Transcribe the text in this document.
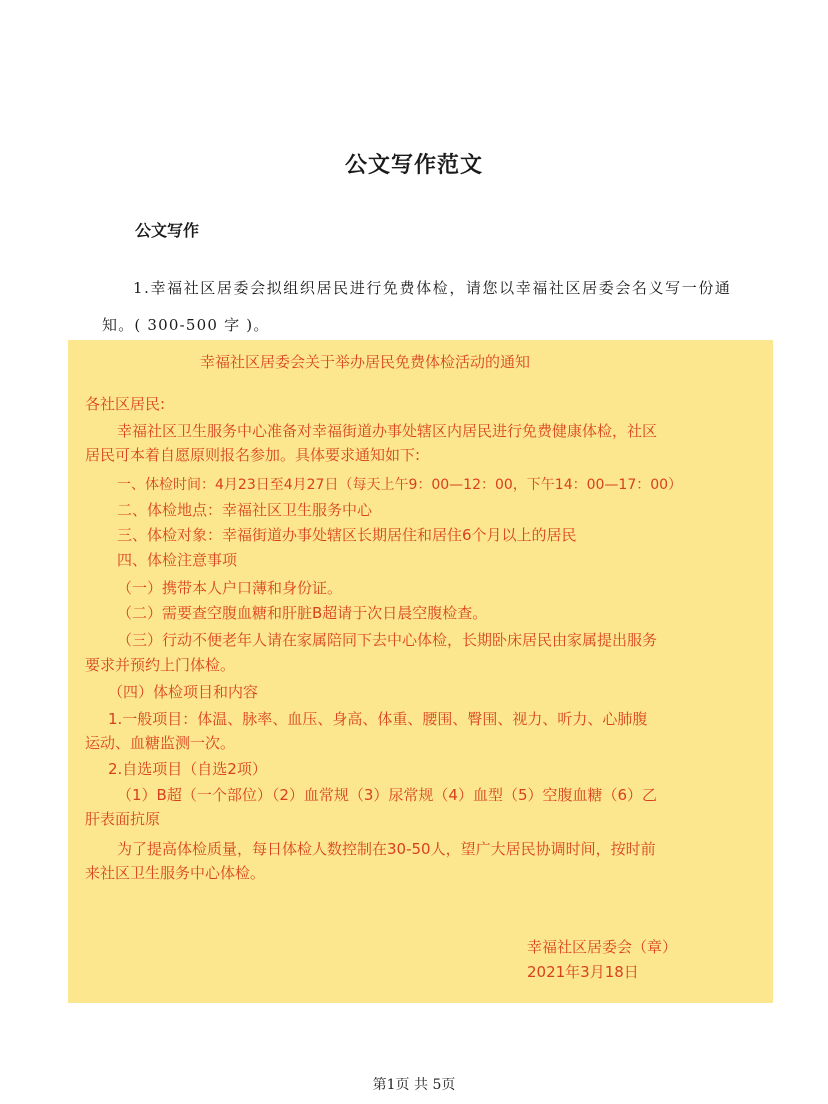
公文写作范文
公文写作
1.幸福社区居委会拟组织居民进行免费体检，请您以幸福社区居委会名义写一份通
知。( 300-500 字 )。
幸福社区居委会关于举办居民免费体检活动的通知
各社区居民:
幸福社区卫生服务中心准备对幸福街道办事处辖区内居民进行免费健康体检，社区
居民可本着自愿原则报名参加。具体要求通知如下:
一、体检时间：4月23日至4月27日（每天上午9：00—12：00，下午14：00—17：00）
二、体检地点：幸福社区卫生服务中心
三、体检对象：幸福街道办事处辖区长期居住和居住6个月以上的居民
四、体检注意事项
（一）携带本人户口薄和身份证。
（二）需要查空腹血糖和肝脏B超请于次日晨空腹检查。
（三）行动不便老年人请在家属陪同下去中心体检，长期卧床居民由家属提出服务
要求并预约上门体检。
（四）体检项目和内容
1.一般项目：体温、脉率、血压、身高、体重、腰围、臀围、视力、听力、心肺腹
运动、血糖监测一次。
2.自选项目（自选2项）
（1）B超（一个部位）（2）血常规（3）尿常规（4）血型（5）空腹血糖（6）乙
肝表面抗原
为了提高体检质量，每日体检人数控制在30-50人，望广大居民协调时间，按时前
来社区卫生服务中心体检。
幸福社区居委会（章）
2021年3月18日
第1页 共 5页
